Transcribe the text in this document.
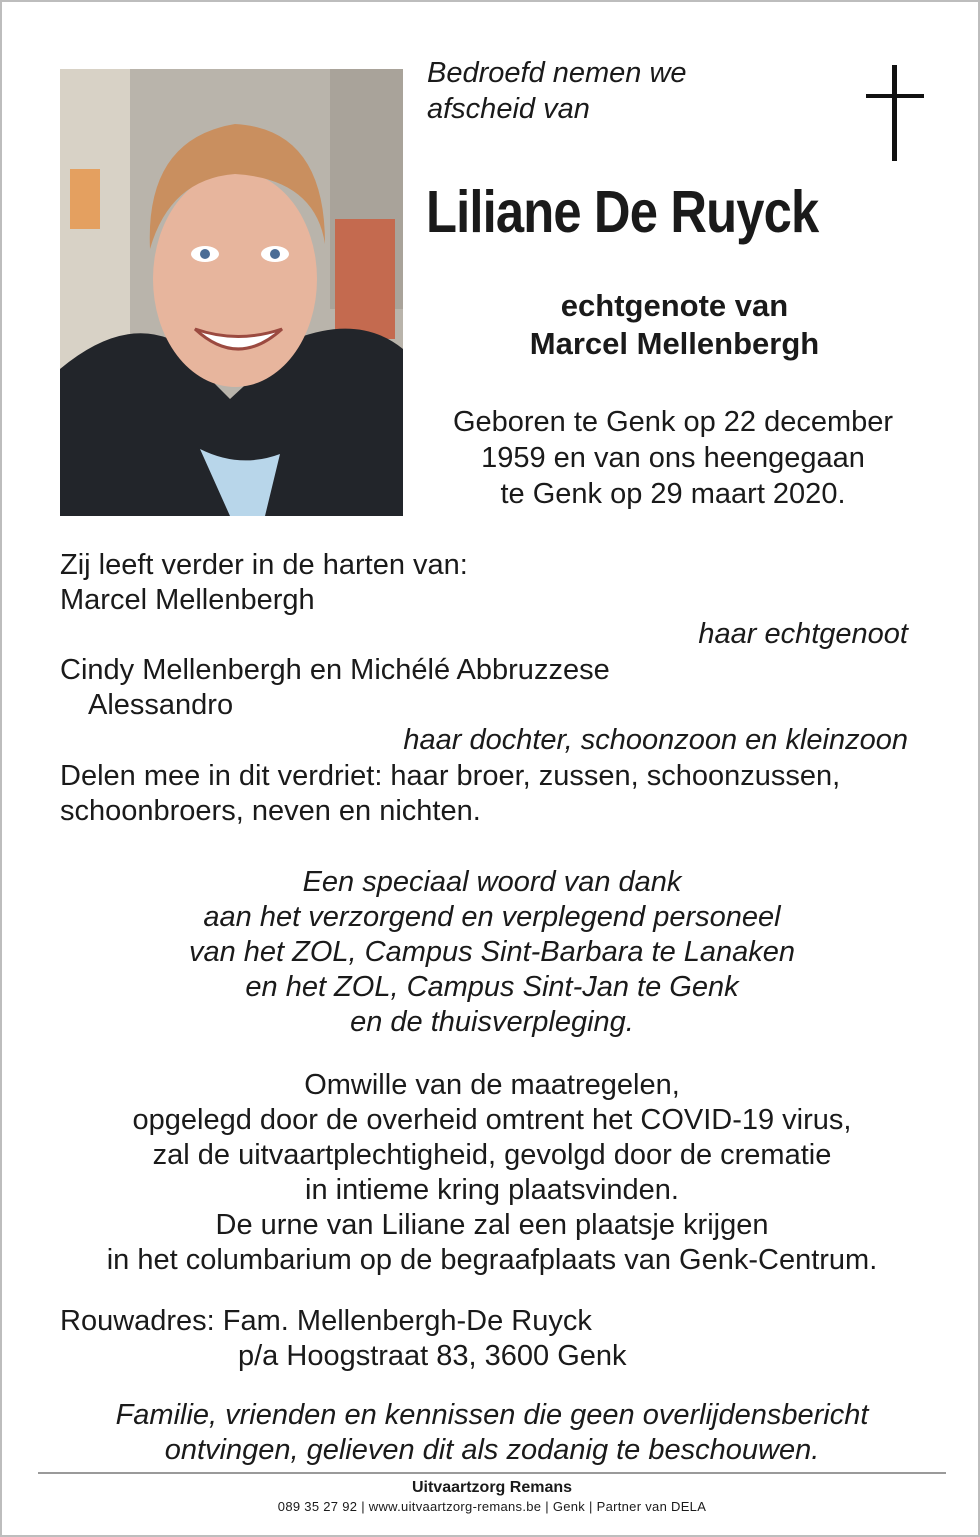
Bedroefd nemen we
afscheid van
Liliane De Ruyck
echtgenote van
Marcel Mellenbergh
Geboren te Genk op 22 december
1959 en van ons heengegaan
te Genk op 29 maart 2020.
Zij leeft verder in de harten van:
Marcel Mellenbergh
haar echtgenoot
Cindy Mellenbergh en Michélé Abbruzzese
Alessandro
haar dochter, schoonzoon en kleinzoon
Delen mee in dit verdriet: haar broer, zussen, schoonzussen,
schoonbroers, neven en nichten.
Een speciaal woord van dank
aan het verzorgend en verplegend personeel
van het ZOL, Campus Sint-Barbara te Lanaken
en het ZOL, Campus Sint-Jan te Genk
en de thuisverpleging.
Omwille van de maatregelen,
opgelegd door de overheid omtrent het COVID-19 virus,
zal de uitvaartplechtigheid, gevolgd door de crematie
in intieme kring plaatsvinden.
De urne van Liliane zal een plaatsje krijgen
in het columbarium op de begraafplaats van Genk-Centrum.
Rouwadres: Fam. Mellenbergh-De Ruyck
p/a Hoogstraat 83, 3600 Genk
Familie, vrienden en kennissen die geen overlijdensbericht
ontvingen, gelieven dit als zodanig te beschouwen.
Uitvaartzorg Remans
089 35 27 92 | www.uitvaartzorg-remans.be | Genk | Partner van DELA
